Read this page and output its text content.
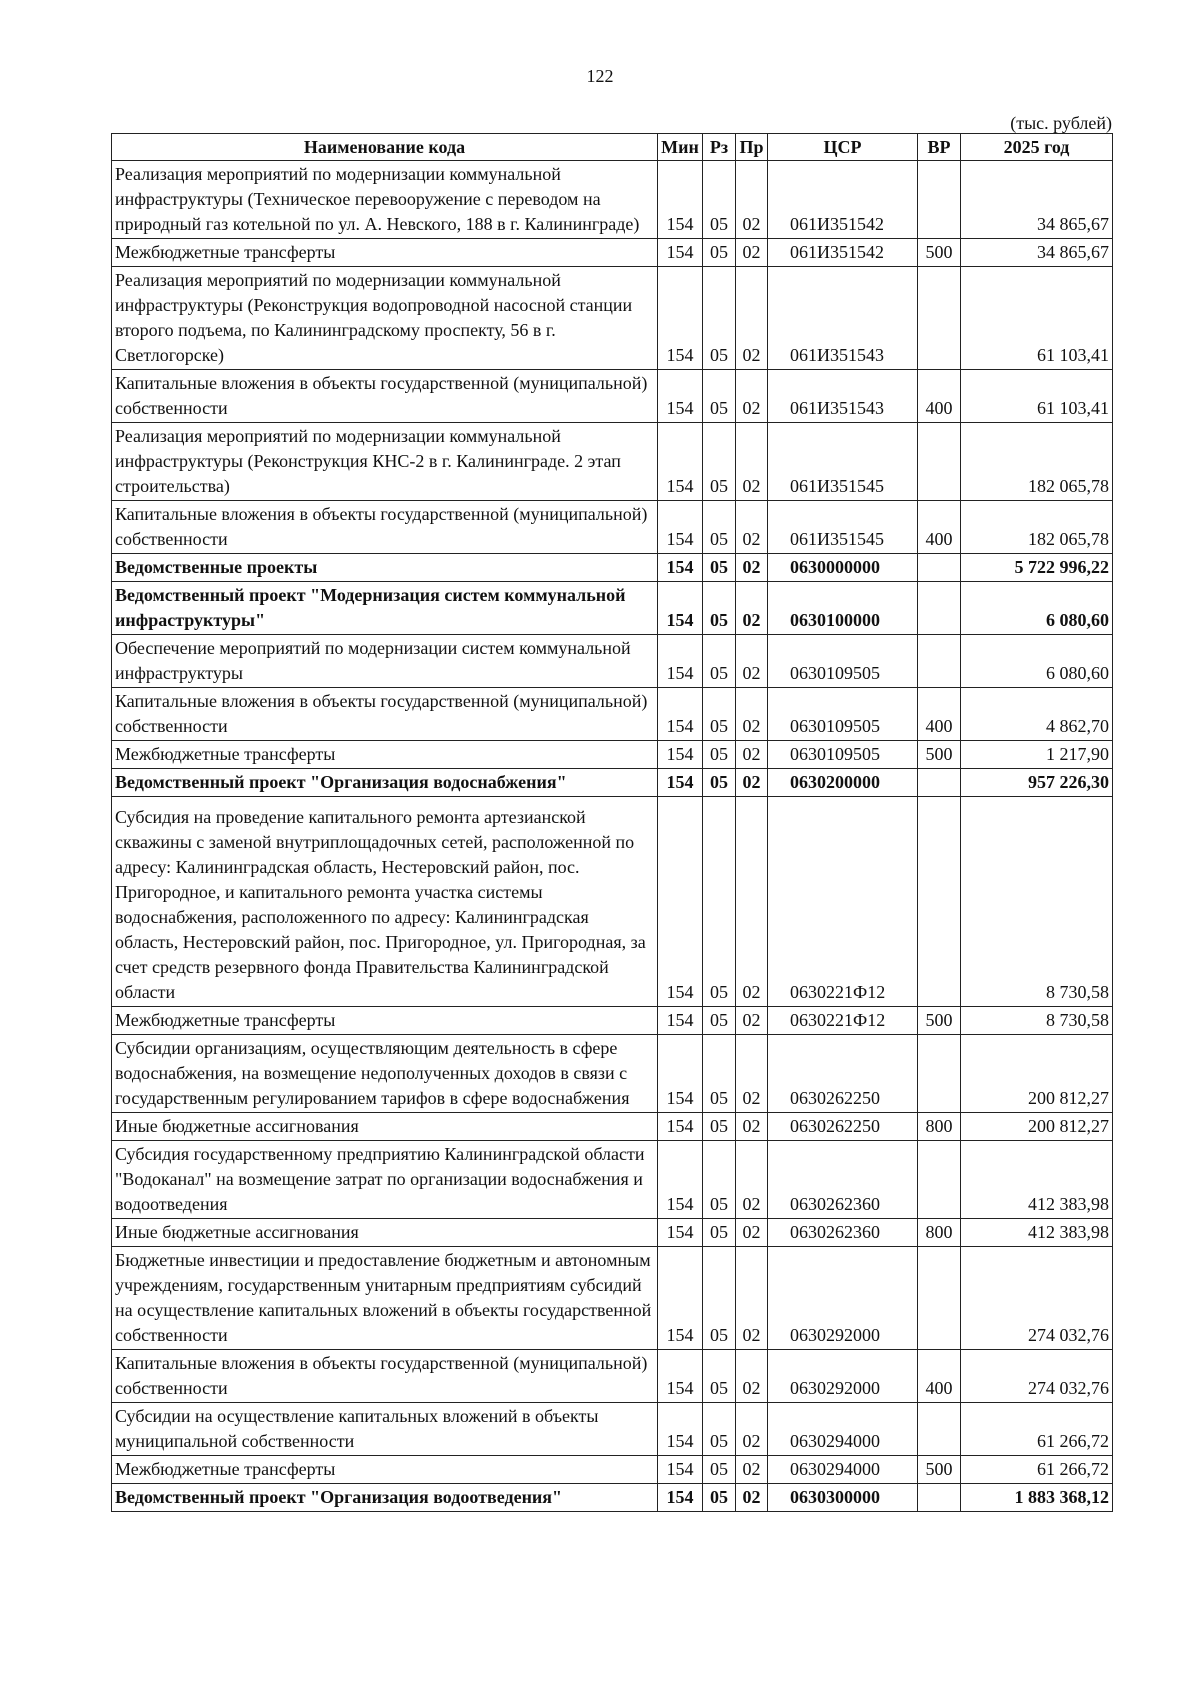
122
(тыс. рублей)
Наименование кода	Мин	Рз	Пр	ЦСР	ВР	2025 год
Реализация мероприятий по модернизации коммунальной инфраструктуры (Техническое перевооружение с переводом на природный газ котельной по ул. А. Невского, 188 в г. Калининграде)	154	05	02	061И351542		34 865,67
Межбюджетные трансферты	154	05	02	061И351542	500	34 865,67
Реализация мероприятий по модернизации коммунальной инфраструктуры (Реконструкция водопроводной насосной станции второго подъема, по Калининградскому проспекту, 56 в г. Светлогорске)	154	05	02	061И351543		61 103,41
Капитальные вложения в объекты государственной (муниципальной) собственности	154	05	02	061И351543	400	61 103,41
Реализация мероприятий по модернизации коммунальной инфраструктуры (Реконструкция КНС-2 в г. Калининграде. 2 этап строительства)	154	05	02	061И351545		182 065,78
Капитальные вложения в объекты государственной (муниципальной) собственности	154	05	02	061И351545	400	182 065,78
Ведомственные проекты	154	05	02	0630000000		5 722 996,22
Ведомственный проект "Модернизация систем коммунальной инфраструктуры"	154	05	02	0630100000		6 080,60
Обеспечение мероприятий по модернизации систем коммунальной инфраструктуры	154	05	02	0630109505		6 080,60
Капитальные вложения в объекты государственной (муниципальной) собственности	154	05	02	0630109505	400	4 862,70
Межбюджетные трансферты	154	05	02	0630109505	500	1 217,90
Ведомственный проект "Организация водоснабжения"	154	05	02	0630200000		957 226,30
Субсидия на проведение капитального ремонта артезианской скважины с заменой внутриплощадочных сетей, расположенной по адресу: Калининградская область, Нестеровский район, пос. Пригородное, и капитального ремонта участка системы водоснабжения, расположенного по адресу: Калининградская область, Нестеровский район, пос. Пригородное, ул. Пригородная, за счет средств резервного фонда Правительства Калининградской области	154	05	02	0630221Ф12		8 730,58
Межбюджетные трансферты	154	05	02	0630221Ф12	500	8 730,58
Субсидии организациям, осуществляющим деятельность в сфере водоснабжения, на возмещение недополученных доходов в связи с государственным регулированием тарифов в сфере водоснабжения	154	05	02	0630262250		200 812,27
Иные бюджетные ассигнования	154	05	02	0630262250	800	200 812,27
Субсидия государственному предприятию Калининградской области "Водоканал" на возмещение затрат по организации водоснабжения и водоотведения	154	05	02	0630262360		412 383,98
Иные бюджетные ассигнования	154	05	02	0630262360	800	412 383,98
Бюджетные инвестиции и предоставление бюджетным и автономным учреждениям, государственным унитарным предприятиям субсидий на осуществление капитальных вложений в объекты государственной собственности	154	05	02	0630292000		274 032,76
Капитальные вложения в объекты государственной (муниципальной) собственности	154	05	02	0630292000	400	274 032,76
Субсидии на осуществление капитальных вложений в объекты муниципальной собственности	154	05	02	0630294000		61 266,72
Межбюджетные трансферты	154	05	02	0630294000	500	61 266,72
Ведомственный проект "Организация водоотведения"	154	05	02	0630300000		1 883 368,12
